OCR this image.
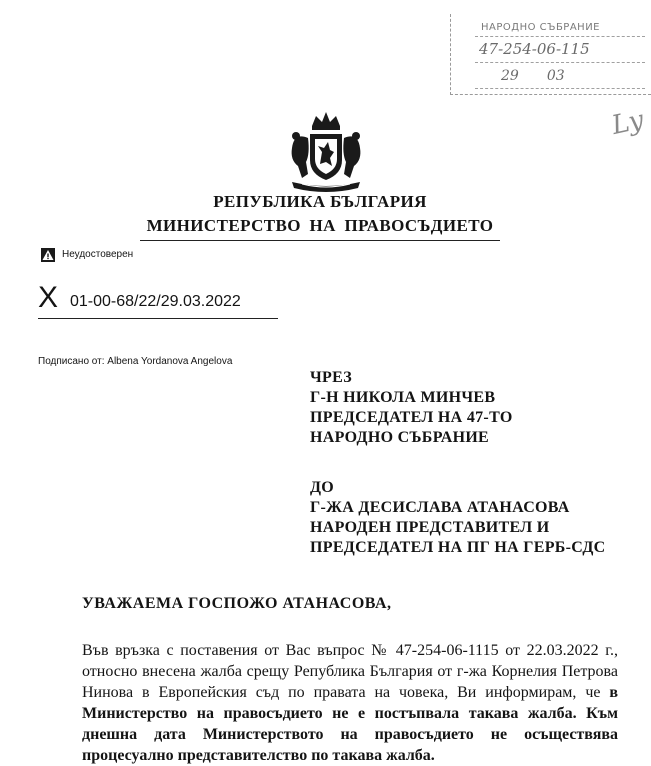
НАРОДНО СЪБРАНИЕ
47-254-06-115
29 03
Ly
РЕПУБЛИКА БЪЛГАРИЯ
МИНИСТЕРСТВО НА ПРАВОСЪДИЕТО
Неудостоверен
X 01-00-68/22/29.03.2022
Подписано от: Albena Yordanova Angelova
ЧРЕЗ
Г-Н НИКОЛА МИНЧЕВ
ПРЕДСЕДАТЕЛ НА 47-ТО
НАРОДНО СЪБРАНИЕ
ДО
Г-ЖА ДЕСИСЛАВА АТАНАСОВА
НАРОДЕН ПРЕДСТАВИТЕЛ И
ПРЕДСЕДАТЕЛ НА ПГ НА ГЕРБ-СДС
УВАЖАЕМА ГОСПОЖО АТАНАСОВА,

Във връзка с поставения от Вас въпрос № 47-254-06-1115 от 22.03.2022 г., относно внесена жалба срещу Република България от г-жа Корнелия Петрова Нинова в Европейския съд по правата на човека, Ви информирам, че в Министерство на правосъдието не е постъпвала такава жалба. Към днешна дата Министерството на правосъдието не осъществява процесуално представителство по такава жалба.
